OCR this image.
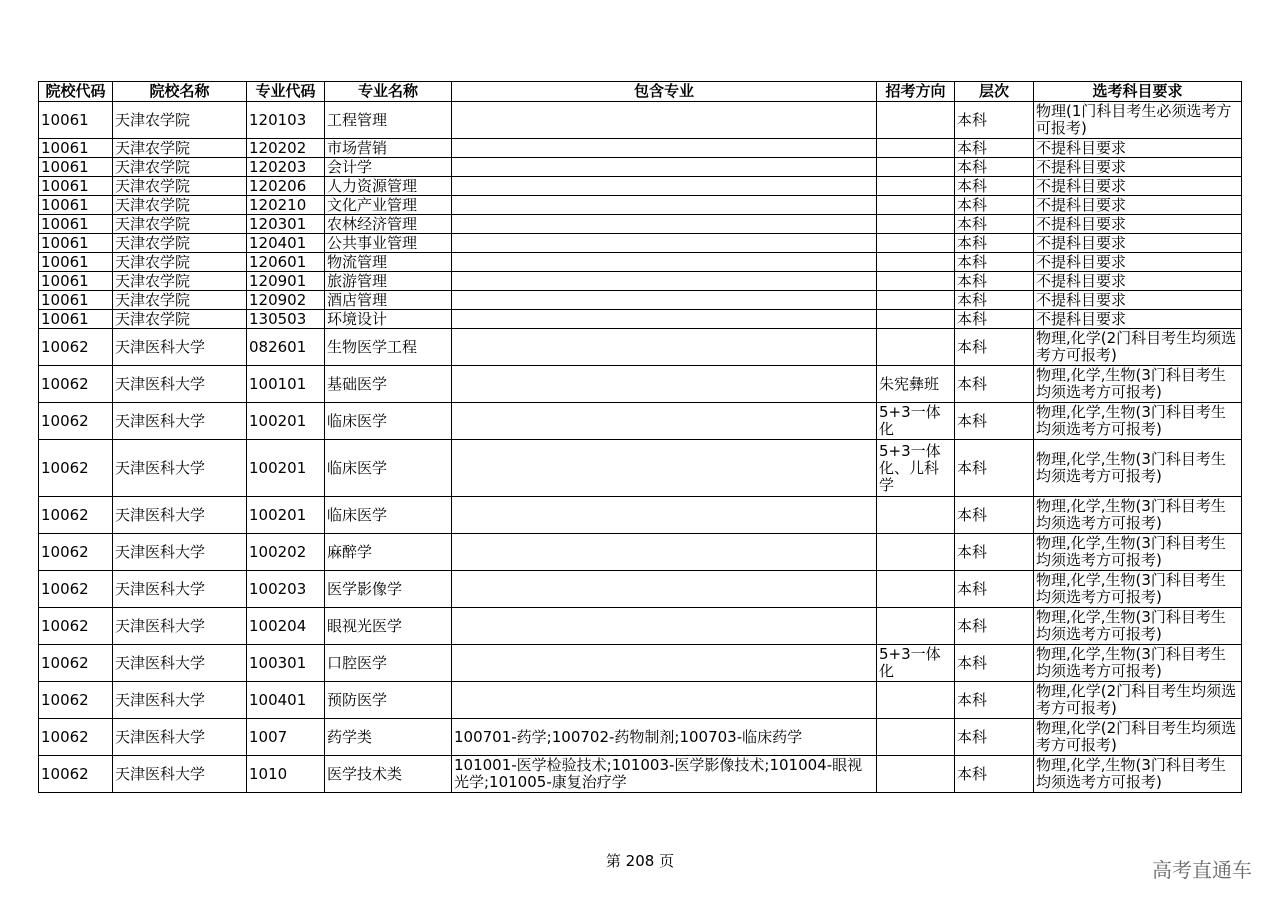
院校代码	院校名称	专业代码	专业名称	包含专业	招考方向	层次	选考科目要求
10061	天津农学院	120103	工程管理			本科	物理(1门科目考生必须选考方可报考)
10061	天津农学院	120202	市场营销			本科	不提科目要求
10061	天津农学院	120203	会计学			本科	不提科目要求
10061	天津农学院	120206	人力资源管理			本科	不提科目要求
10061	天津农学院	120210	文化产业管理			本科	不提科目要求
10061	天津农学院	120301	农林经济管理			本科	不提科目要求
10061	天津农学院	120401	公共事业管理			本科	不提科目要求
10061	天津农学院	120601	物流管理			本科	不提科目要求
10061	天津农学院	120901	旅游管理			本科	不提科目要求
10061	天津农学院	120902	酒店管理			本科	不提科目要求
10061	天津农学院	130503	环境设计			本科	不提科目要求
10062	天津医科大学	082601	生物医学工程			本科	物理,化学(2门科目考生均须选考方可报考)
10062	天津医科大学	100101	基础医学		朱宪彝班	本科	物理,化学,生物(3门科目考生均须选考方可报考)
10062	天津医科大学	100201	临床医学		5+3一体化	本科	物理,化学,生物(3门科目考生均须选考方可报考)
10062	天津医科大学	100201	临床医学		5+3一体化、儿科学	本科	物理,化学,生物(3门科目考生均须选考方可报考)
10062	天津医科大学	100201	临床医学			本科	物理,化学,生物(3门科目考生均须选考方可报考)
10062	天津医科大学	100202	麻醉学			本科	物理,化学,生物(3门科目考生均须选考方可报考)
10062	天津医科大学	100203	医学影像学			本科	物理,化学,生物(3门科目考生均须选考方可报考)
10062	天津医科大学	100204	眼视光医学			本科	物理,化学,生物(3门科目考生均须选考方可报考)
10062	天津医科大学	100301	口腔医学		5+3一体化	本科	物理,化学,生物(3门科目考生均须选考方可报考)
10062	天津医科大学	100401	预防医学			本科	物理,化学(2门科目考生均须选考方可报考)
10062	天津医科大学	1007	药学类	100701-药学;100702-药物制剂;100703-临床药学		本科	物理,化学(2门科目考生均须选考方可报考)
10062	天津医科大学	1010	医学技术类	101001-医学检验技术;101003-医学影像技术;101004-眼视光学;101005-康复治疗学		本科	物理,化学,生物(3门科目考生均须选考方可报考)
第 208 页	高考直通车
